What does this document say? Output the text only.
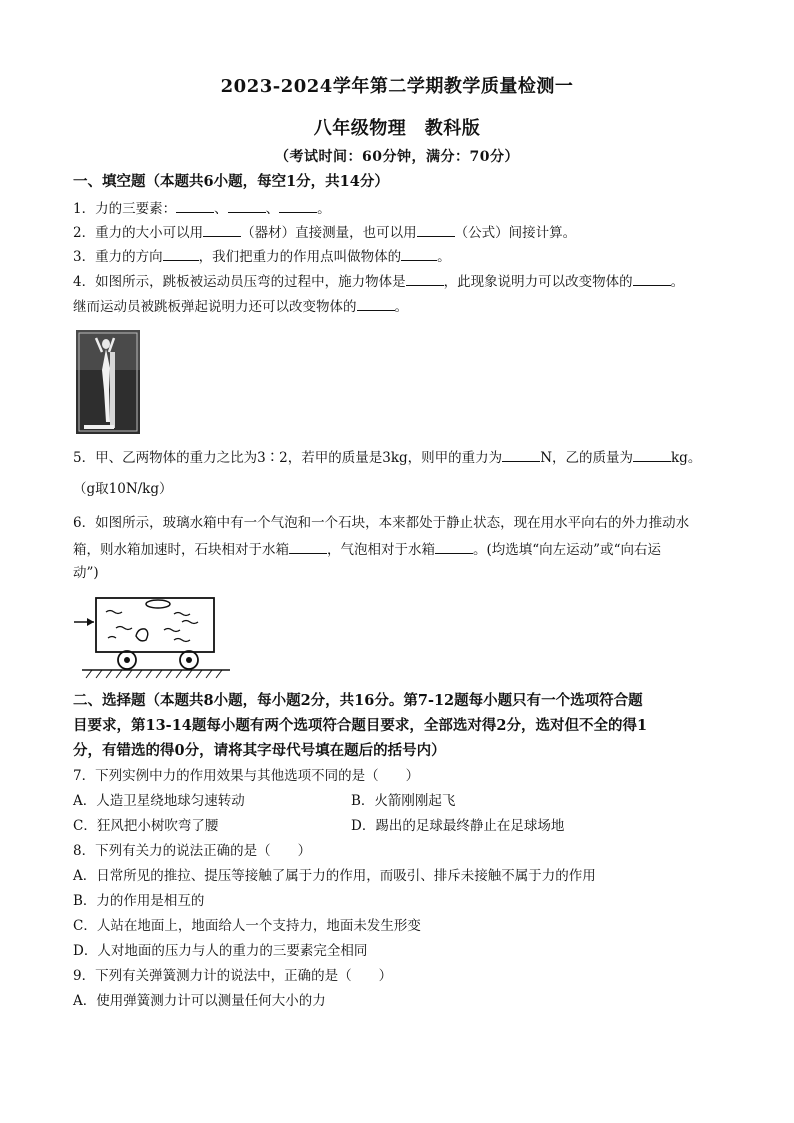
2023-2024学年第二学期教学质量检测一
八年级物理　教科版
（考试时间：60分钟，满分：70分）
一、填空题（本题共6小题，每空1分，共14分）
1．力的三要素：	、	、	。
2．重力的大小可以用	（器材）直接测量，也可以用	（公式）间接计算。
3．重力的方向	，我们把重力的作用点叫做物体的	。
4．如图所示，跳板被运动员压弯的过程中，施力物体是	，此现象说明力可以改变物体的	。
继而运动员被跳板弹起说明力还可以改变物体的	。
5．甲、乙两物体的重力之比为3∶2，若甲的质量是3kg，则甲的重力为	N，乙的质量为	kg。
（g取10N/kg）
6．如图所示，玻璃水箱中有一个气泡和一个石块，本来都处于静止状态，现在用水平向右的外力推动水
箱，则水箱加速时，石块相对于水箱	，气泡相对于水箱	。(均选填“向左运动”或“向右运
动”)
二、选择题（本题共8小题，每小题2分，共16分。第7-12题每小题只有一个选项符合题
目要求，第13-14题每小题有两个选项符合题目要求，全部选对得2分，选对但不全的得1
分，有错选的得0分，请将其字母代号填在题后的括号内）
7．下列实例中力的作用效果与其他选项不同的是（　　）
A．人造卫星绕地球匀速转动	B．火箭刚刚起飞
C．狂风把小树吹弯了腰	D．踢出的足球最终静止在足球场地
8．下列有关力的说法正确的是（　　）
A．日常所见的推拉、提压等接触了属于力的作用，而吸引、排斥未接触不属于力的作用
B．力的作用是相互的
C．人站在地面上，地面给人一个支持力，地面未发生形变
D．人对地面的压力与人的重力的三要素完全相同
9．下列有关弹簧测力计的说法中，正确的是（　　）
A．使用弹簧测力计可以测量任何大小的力
